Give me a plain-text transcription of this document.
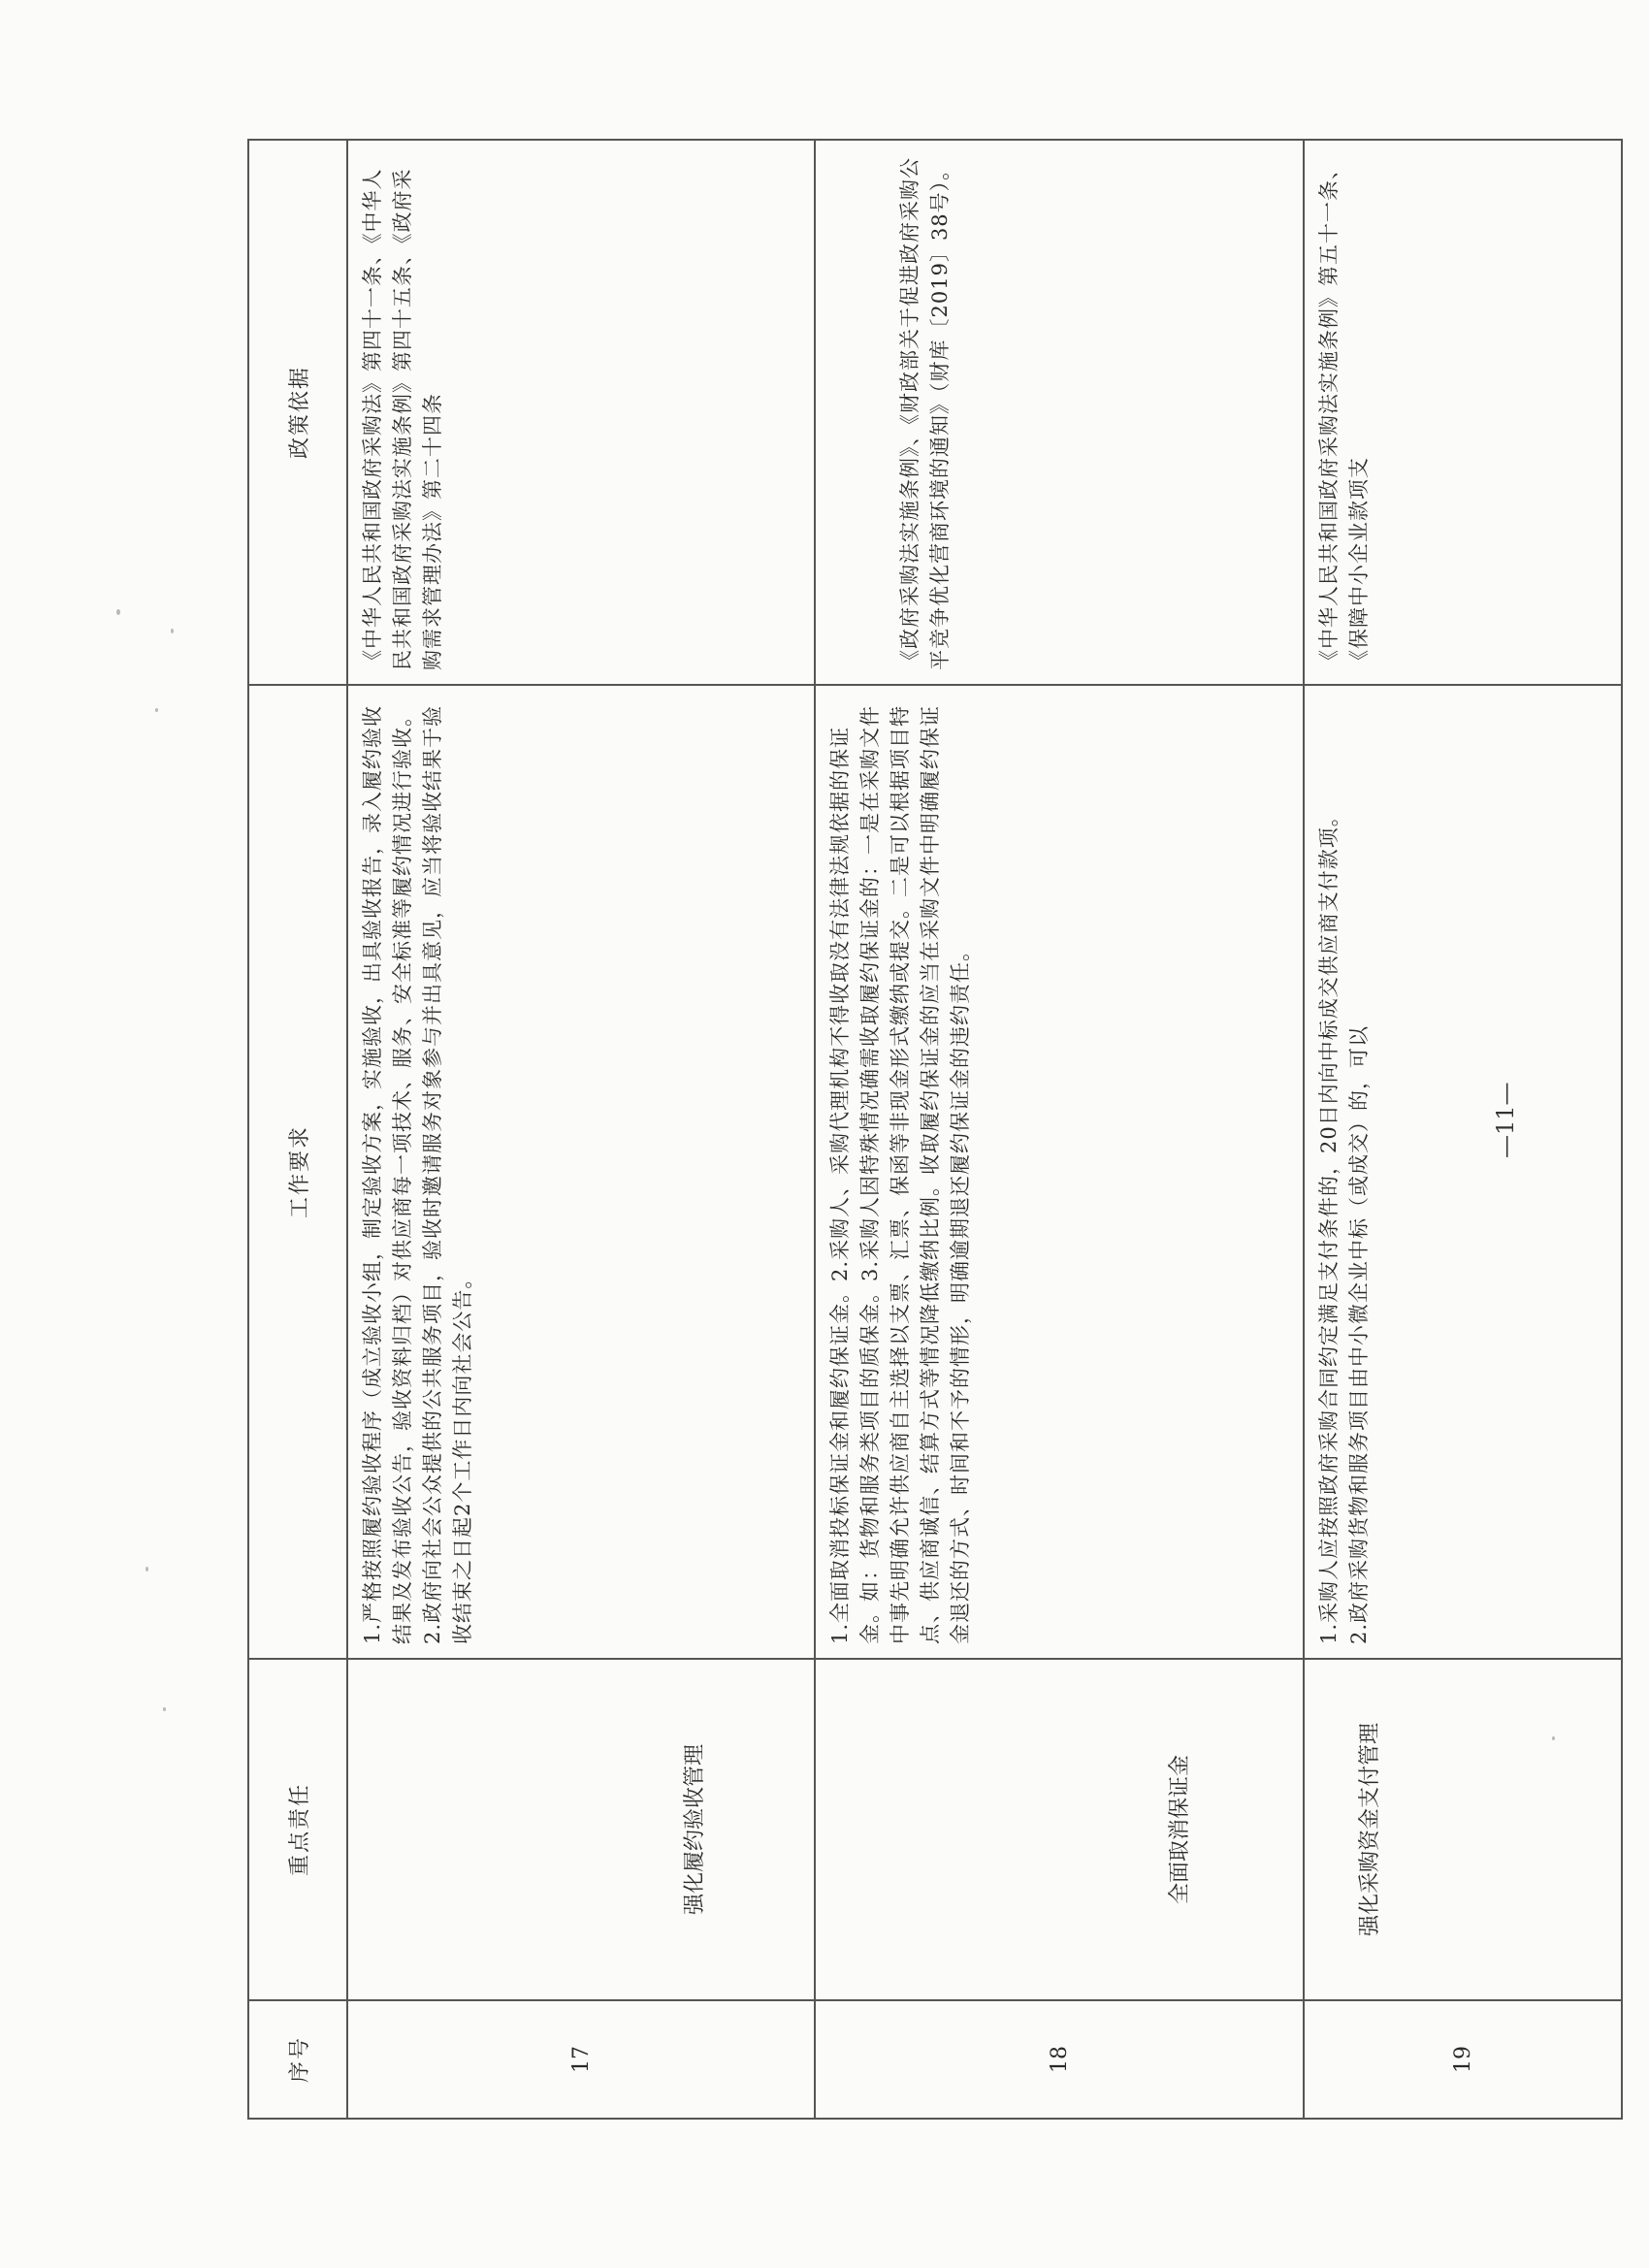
序号	重点责任	工作要求	政策依据
17	强化履约验收管理	1.严格按照履约验收程序（成立验收小组，制定验收方案，实施验收，出具验收报告，录入履约验收结果及发布验收公告，验收资料归档）对供应商每一项技术、服务、安全标准等履约情况进行验收。 2.政府向社会公众提供的公共服务项目，验收时邀请服务对象参与并出具意见，应当将验收结果于验收结束之日起2个工作日内向社会公告。	《中华人民共和国政府采购法》第四十一条、《中华人民共和国政府采购法实施条例》第四十五条、《政府采购需求管理办法》第二十四条

18	全面取消保证金	1.全面取消投标保证金和履约保证金。2.采购人、采购代理机构不得收取没有法律法规依据的保证金。如：货物和服务类项目的质保金。3.采购人因特殊情况确需收取履约保证金的：一是在采购文件中事先明确允许供应商自主选择以支票、汇票、保函等非现金形式缴纳或提交。二是可以根据项目特点、供应商诚信、结算方式等情况降低缴纳比例。收取履约保证金的应当在采购文件中明确履约保证金退还的方式、时间和不予的情形，明确逾期退还履约保证金的违约责任。	《政府采购法实施条例》、《财政部关于促进政府采购公平竞争优化营商环境的通知》（财库〔2019〕38号）。

19	强化采购资金支付管理	1.采购人应按照政府采购合同约定满足支付条件的，20日内向中标成交供应商支付款项。 2.政府采购货物和服务项目由中小微企业中标（或成交）的，可以	《中华人民共和国政府采购法实施条例》第五十一条、《保障中小企业款项支
—11—
